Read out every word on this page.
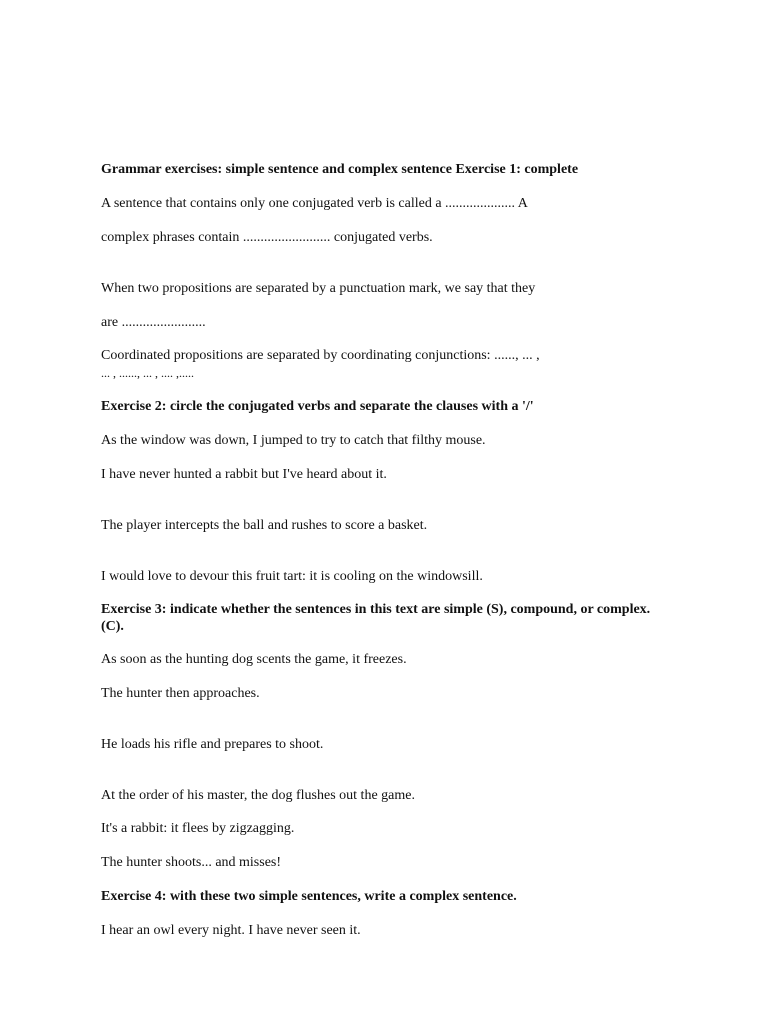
Grammar exercises: simple sentence and complex sentence Exercise 1: complete
A sentence that contains only one conjugated verb is called a .................... A
complex phrases contain ......................... conjugated verbs.
When two propositions are separated by a punctuation mark, we say that they
are ........................
Coordinated propositions are separated by coordinating conjunctions: ......, ... ,
... , ......, ... , .... ,.....
Exercise 2: circle the conjugated verbs and separate the clauses with a '/'
As the window was down, I jumped to try to catch that filthy mouse.
I have never hunted a rabbit but I've heard about it.
The player intercepts the ball and rushes to score a basket.
I would love to devour this fruit tart: it is cooling on the windowsill.
Exercise 3: indicate whether the sentences in this text are simple (S), compound, or complex.
(C).
As soon as the hunting dog scents the game, it freezes.
The hunter then approaches.
He loads his rifle and prepares to shoot.
At the order of his master, the dog flushes out the game.
It's a rabbit: it flees by zigzagging.
The hunter shoots... and misses!
Exercise 4: with these two simple sentences, write a complex sentence.
I hear an owl every night. I have never seen it.
